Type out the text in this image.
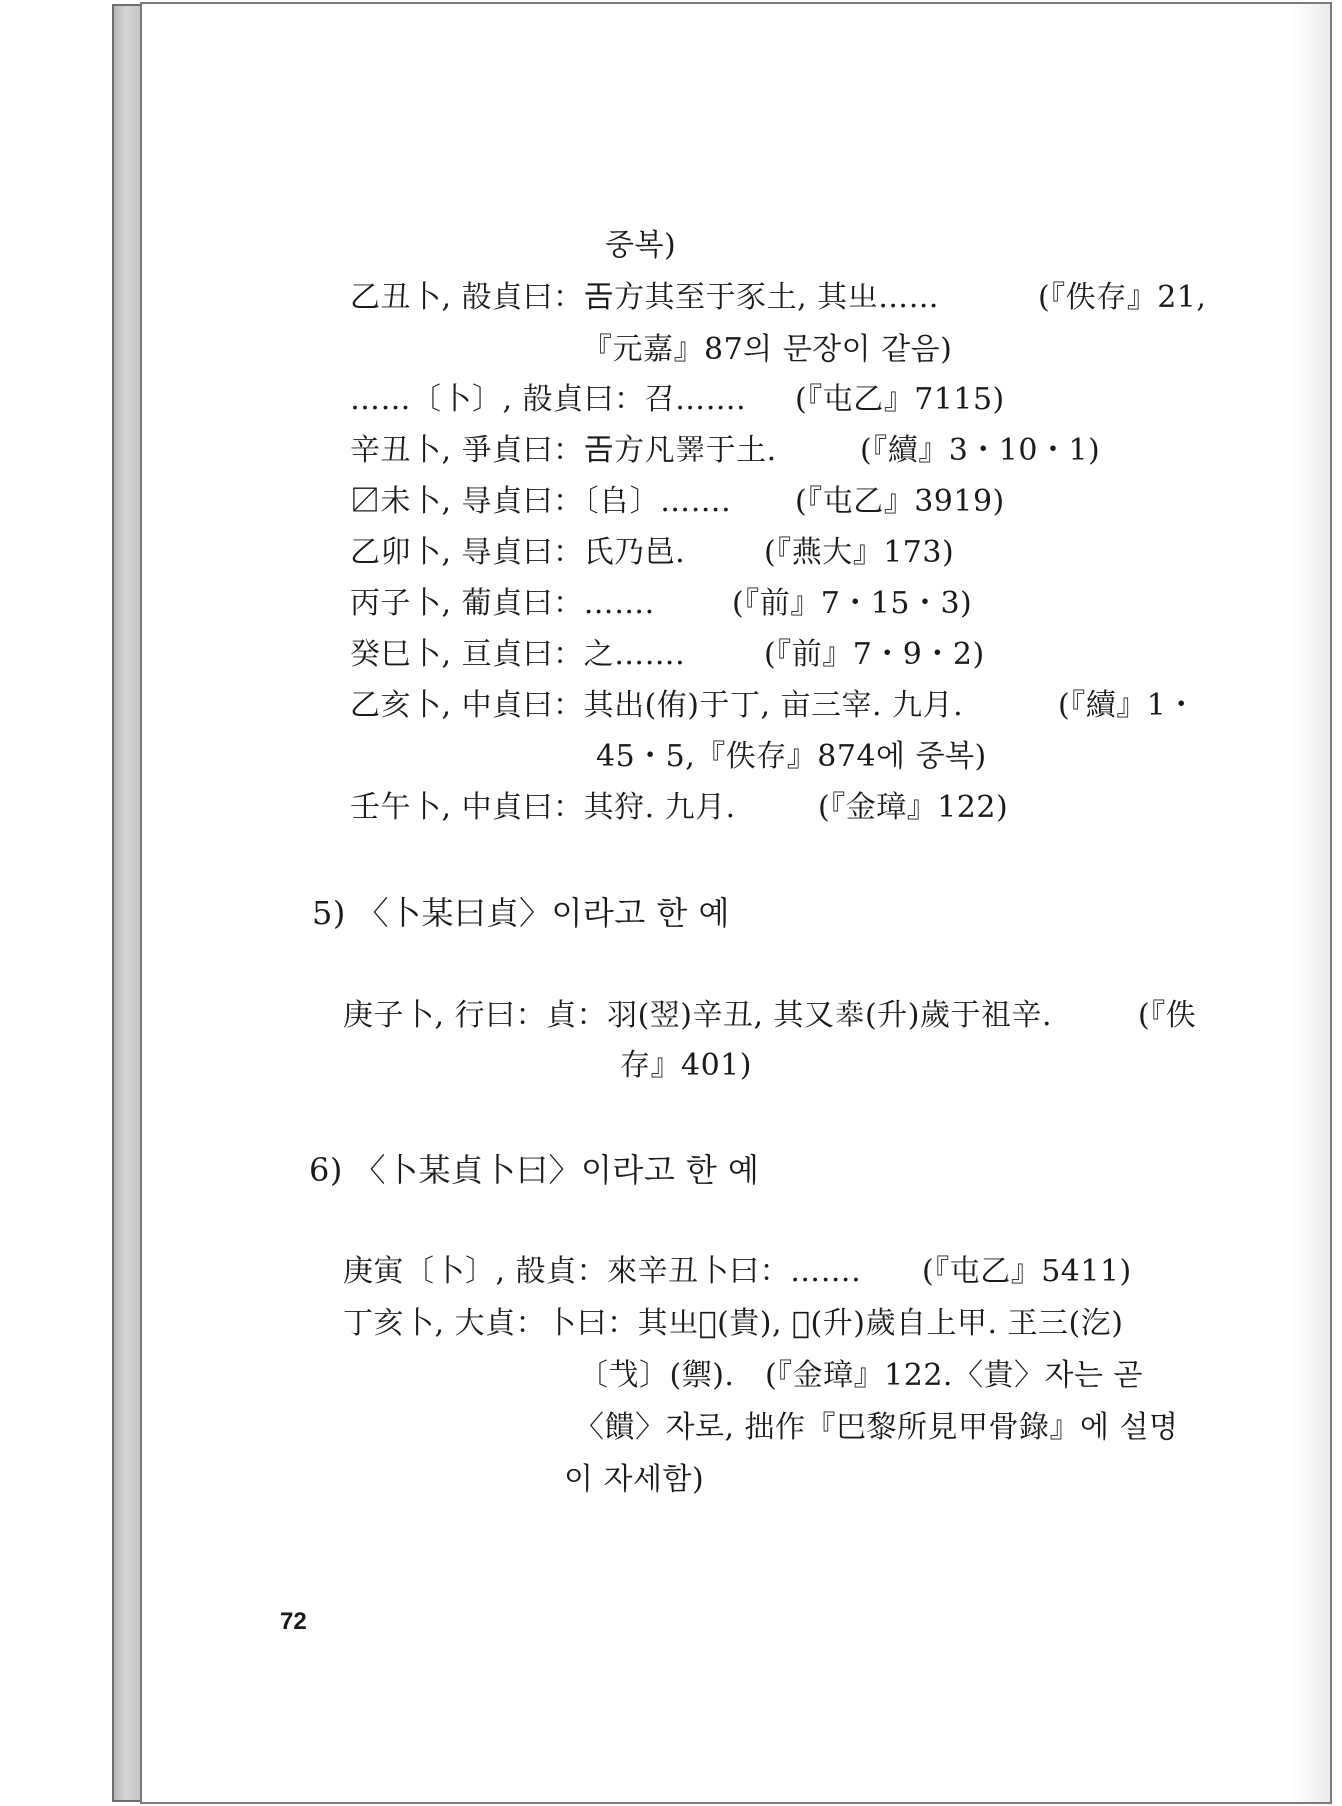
중복)
乙丑卜, 㱿貞曰：𢀛方其至于豕土, 其㞢……	(『佚存』21,
『元嘉』87의 문장이 같음)
……〔卜〕, 㱿貞曰：召……. (『屯乙』7115)
辛丑卜, 爭貞曰：𢀛方凡𢍰于土.	(『續』3・10・1)
〼未卜, 㝵貞曰：〔𠂤〕……. (『屯乙』3919)
乙卯卜, 㝵貞曰：氏乃邑.	(『燕大』173)
丙子卜, 葡貞曰：…….	(『前』7・15・3)
癸巳卜, 亘貞曰：之…….	(『前』7・9・2)
乙亥卜, 中貞曰：其出(侑)于丁, 亩三宰. 九月.	(『續』1・
45・5,『佚存』874에 중복)
壬午卜, 中貞曰：其狩. 九月.	(『金璋』122)
5) 〈卜某曰貞〉이라고 한 예
庚子卜, 行曰：貞：羽(翌)辛丑, 其又𠦪(升)歲于祖辛.	(『佚
存』401)
6) 〈卜某貞卜曰〉이라고 한 예
庚寅〔卜〕, 㱿貞：來辛丑卜曰：……. (『屯乙』5411)
丁亥卜, 大貞：卜曰：其㞢𡧊(貴), 𠦪(升)歲自上甲. 玊三(汔)
〔𢦏〕(禦).　(『金璋』122.〈貴〉자는 곧
〈饋〉자로, 拙作『巴黎所見甲骨錄』에 설명
이 자세함)
72
